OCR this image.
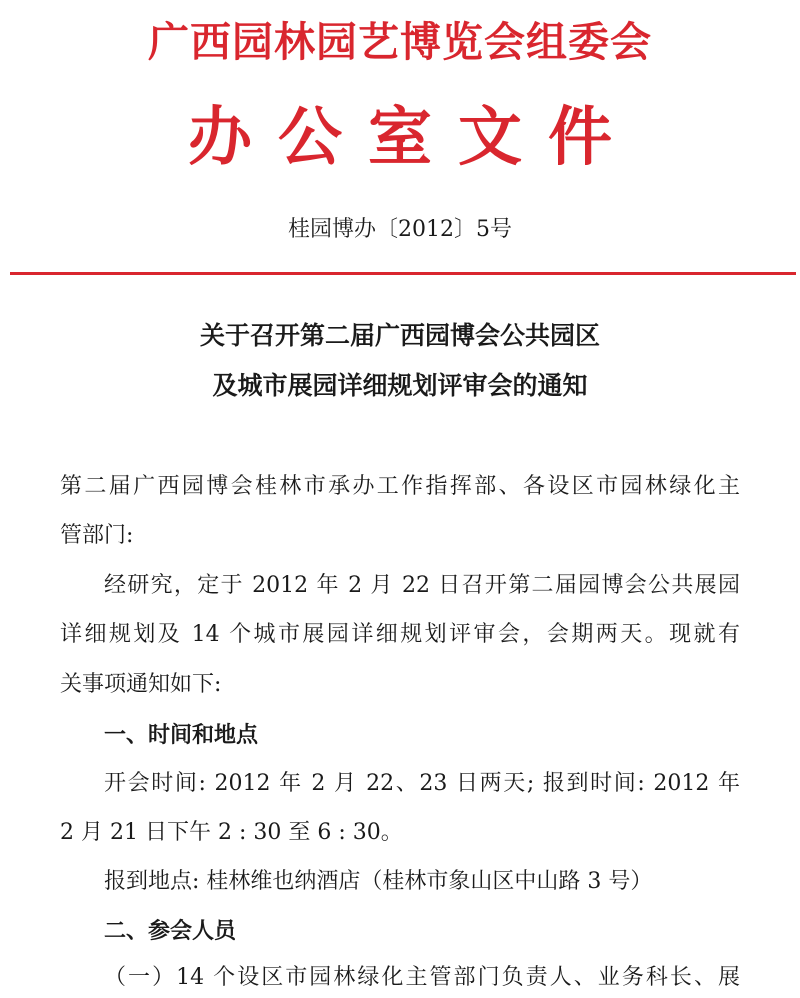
广西园林园艺博览会组委会
办公室文件
桂园博办〔2012〕5号
关于召开第二届广西园博会公共园区
及城市展园详细规划评审会的通知
第二届广西园博会桂林市承办工作指挥部、各设区市园林绿化主
管部门:
经研究，定于 2012 年 2 月 22 日召开第二届园博会公共展园
详细规划及 14 个城市展园详细规划评审会，会期两天。现就有
关事项通知如下:
一、时间和地点
开会时间: 2012 年 2 月 22、23 日两天; 报到时间: 2012 年
2 月 21 日下午 2 : 30 至 6 : 30。
报到地点: 桂林维也纳酒店（桂林市象山区中山路 3 号）
二、参会人员
（一）14 个设区市园林绿化主管部门负责人、业务科长、展
